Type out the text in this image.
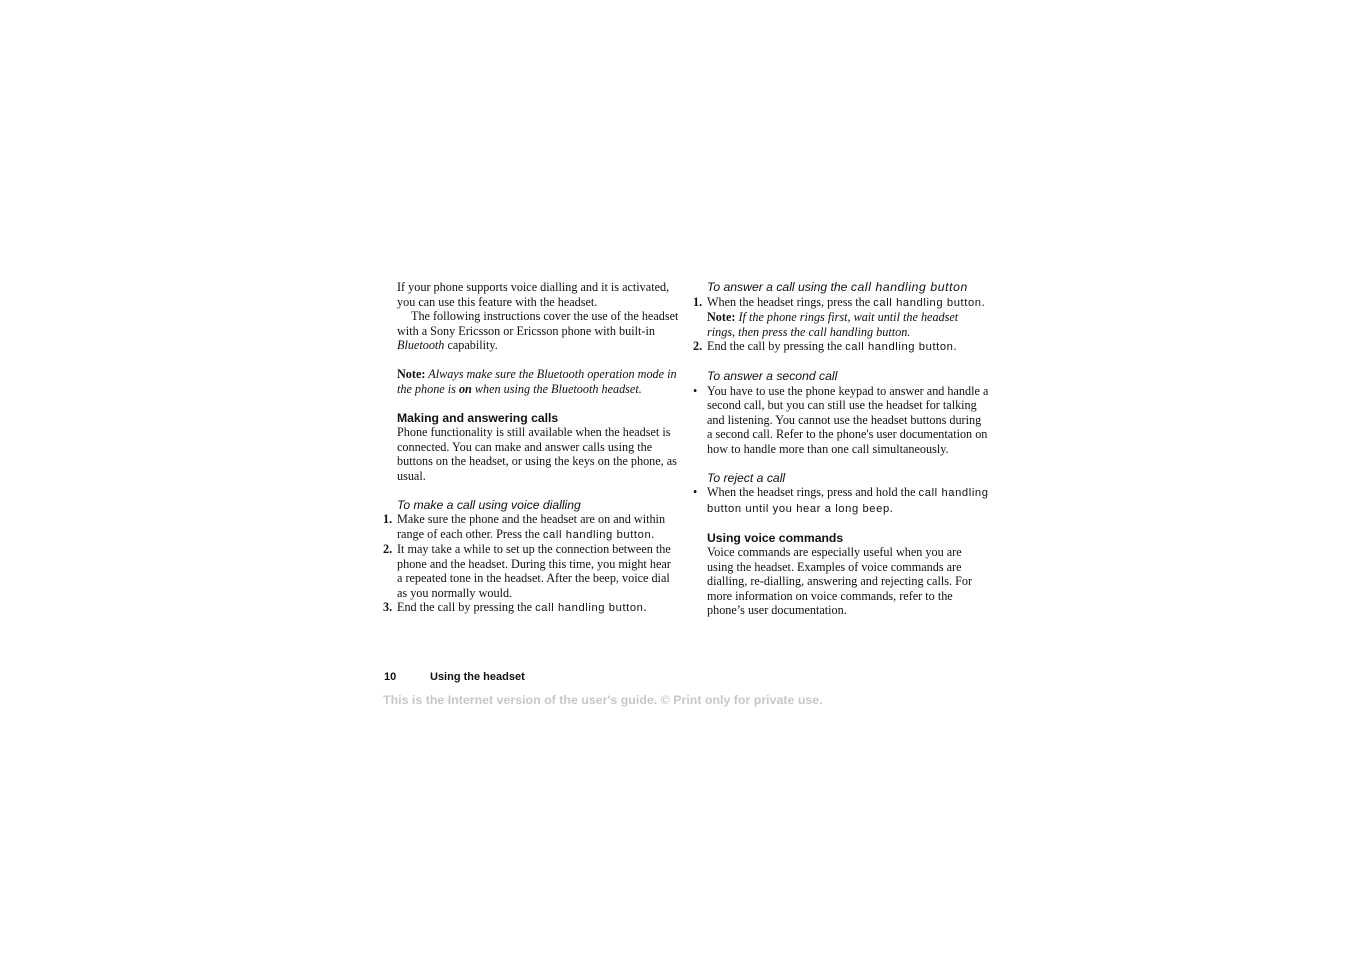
If your phone supports voice dialling and it is activated, you can use this feature with the headset.

The following instructions cover the use of the headset with a Sony Ericsson or Ericsson phone with built-in Bluetooth capability.

Note: Always make sure the Bluetooth operation mode in the phone is on when using the Bluetooth headset.

Making and answering calls

Phone functionality is still available when the headset is connected. You can make and answer calls using the buttons on the headset, or using the keys on the phone, as usual.

To make a call using voice dialling

1. Make sure the phone and the headset are on and within range of each other. Press the call handling button.
2. It may take a while to set up the connection between the phone and the headset. During this time, you might hear a repeated tone in the headset. After the beep, voice dial as you normally would.
3. End the call by pressing the call handling button.

To answer a call using the call handling button

1. When the headset rings, press the call handling button.

Note: If the phone rings first, wait until the headset rings, then press the call handling button.

2. End the call by pressing the call handling button.

To answer a second call

• You have to use the phone keypad to answer and handle a second call, but you can still use the headset for talking and listening. You cannot use the headset buttons during a second call. Refer to the phone's user documentation on how to handle more than one call simultaneously.

To reject a call

• When the headset rings, press and hold the call handling button until you hear a long beep.

Using voice commands

Voice commands are especially useful when you are using the headset. Examples of voice commands are dialling, re-dialling, answering and rejecting calls. For more information on voice commands, refer to the phone’s user documentation.

10	Using the headset
This is the Internet version of the user's guide. © Print only for private use.
